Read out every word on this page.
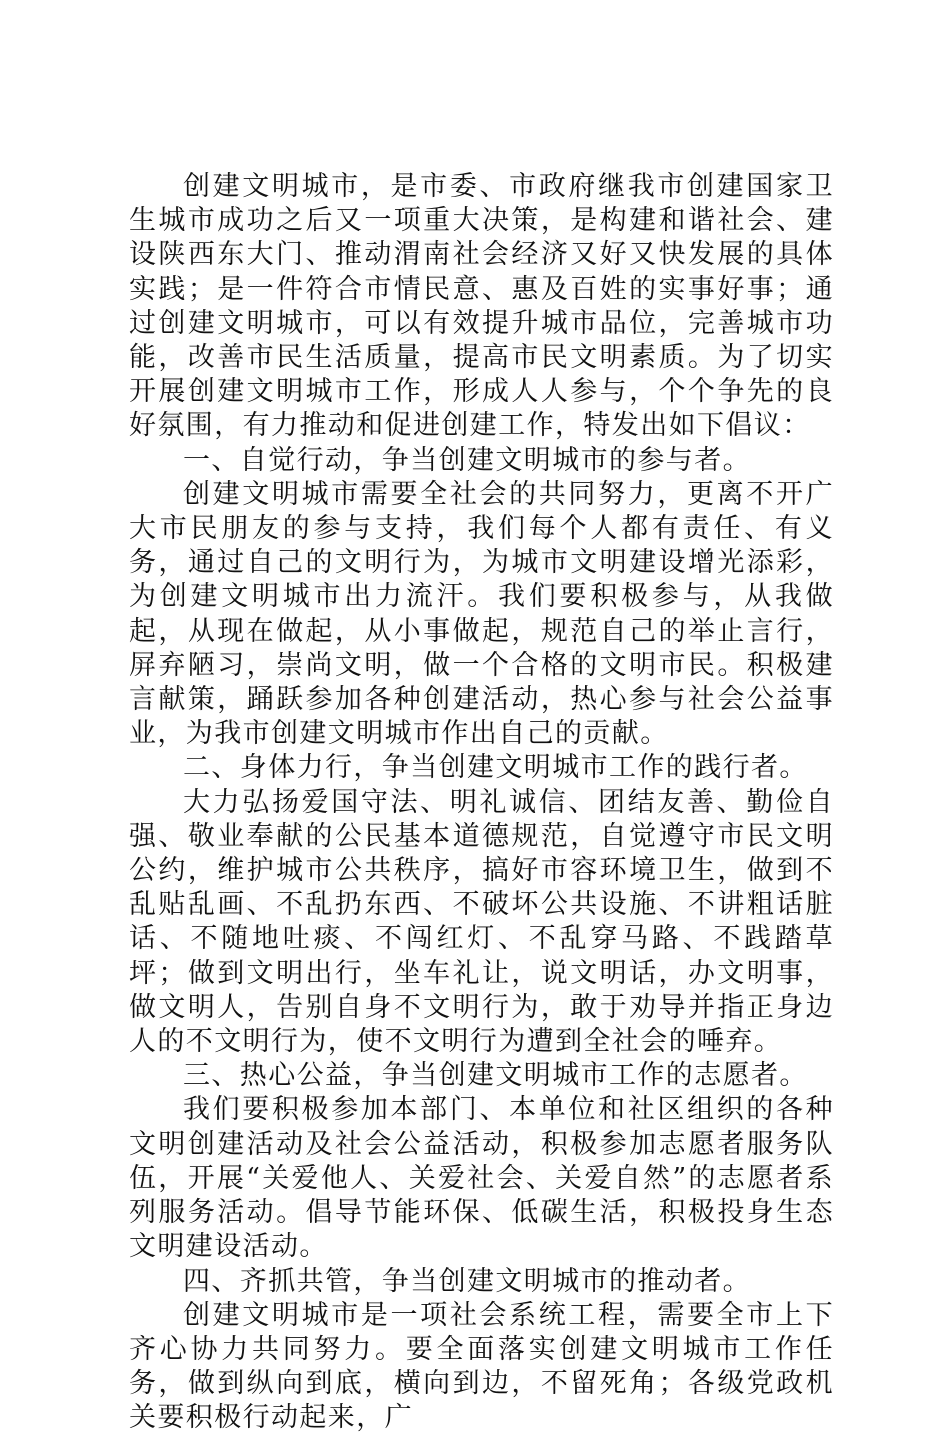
创建文明城市，是市委、市政府继我市创建国家卫生城市成功之后又一项重大决策，是构建和谐社会、建设陕西东大门、推动渭南社会经济又好又快发展的具体实践；是一件符合市情民意、惠及百姓的实事好事；通过创建文明城市，可以有效提升城市品位，完善城市功能，改善市民生活质量，提高市民文明素质。为了切实开展创建文明城市工作，形成人人参与，个个争先的良好氛围，有力推动和促进创建工作，特发出如下倡议：

一、自觉行动，争当创建文明城市的参与者。

创建文明城市需要全社会的共同努力，更离不开广大市民朋友的参与支持，我们每个人都有责任、有义务，通过自己的文明行为，为城市文明建设增光添彩，为创建文明城市出力流汗。我们要积极参与，从我做起，从现在做起，从小事做起，规范自己的举止言行，屏弃陋习，崇尚文明，做一个合格的文明市民。积极建言献策，踊跃参加各种创建活动，热心参与社会公益事业，为我市创建文明城市作出自己的贡献。

二、身体力行，争当创建文明城市工作的践行者。

大力弘扬爱国守法、明礼诚信、团结友善、勤俭自强、敬业奉献的公民基本道德规范，自觉遵守市民文明公约，维护城市公共秩序，搞好市容环境卫生，做到不乱贴乱画、不乱扔东西、不破坏公共设施、不讲粗话脏话、不随地吐痰、不闯红灯、不乱穿马路、不践踏草坪；做到文明出行，坐车礼让，说文明话，办文明事，做文明人，告别自身不文明行为，敢于劝导并指正身边人的不文明行为，使不文明行为遭到全社会的唾弃。

三、热心公益，争当创建文明城市工作的志愿者。

我们要积极参加本部门、本单位和社区组织的各种文明创建活动及社会公益活动，积极参加志愿者服务队伍，开展“关爱他人、关爱社会、关爱自然”的志愿者系列服务活动。倡导节能环保、低碳生活，积极投身生态文明建设活动。

四、齐抓共管，争当创建文明城市的推动者。

创建文明城市是一项社会系统工程，需要全市上下齐心协力共同努力。要全面落实创建文明城市工作任务，做到纵向到底，横向到边，不留死角；各级党政机关要积极行动起来，广
